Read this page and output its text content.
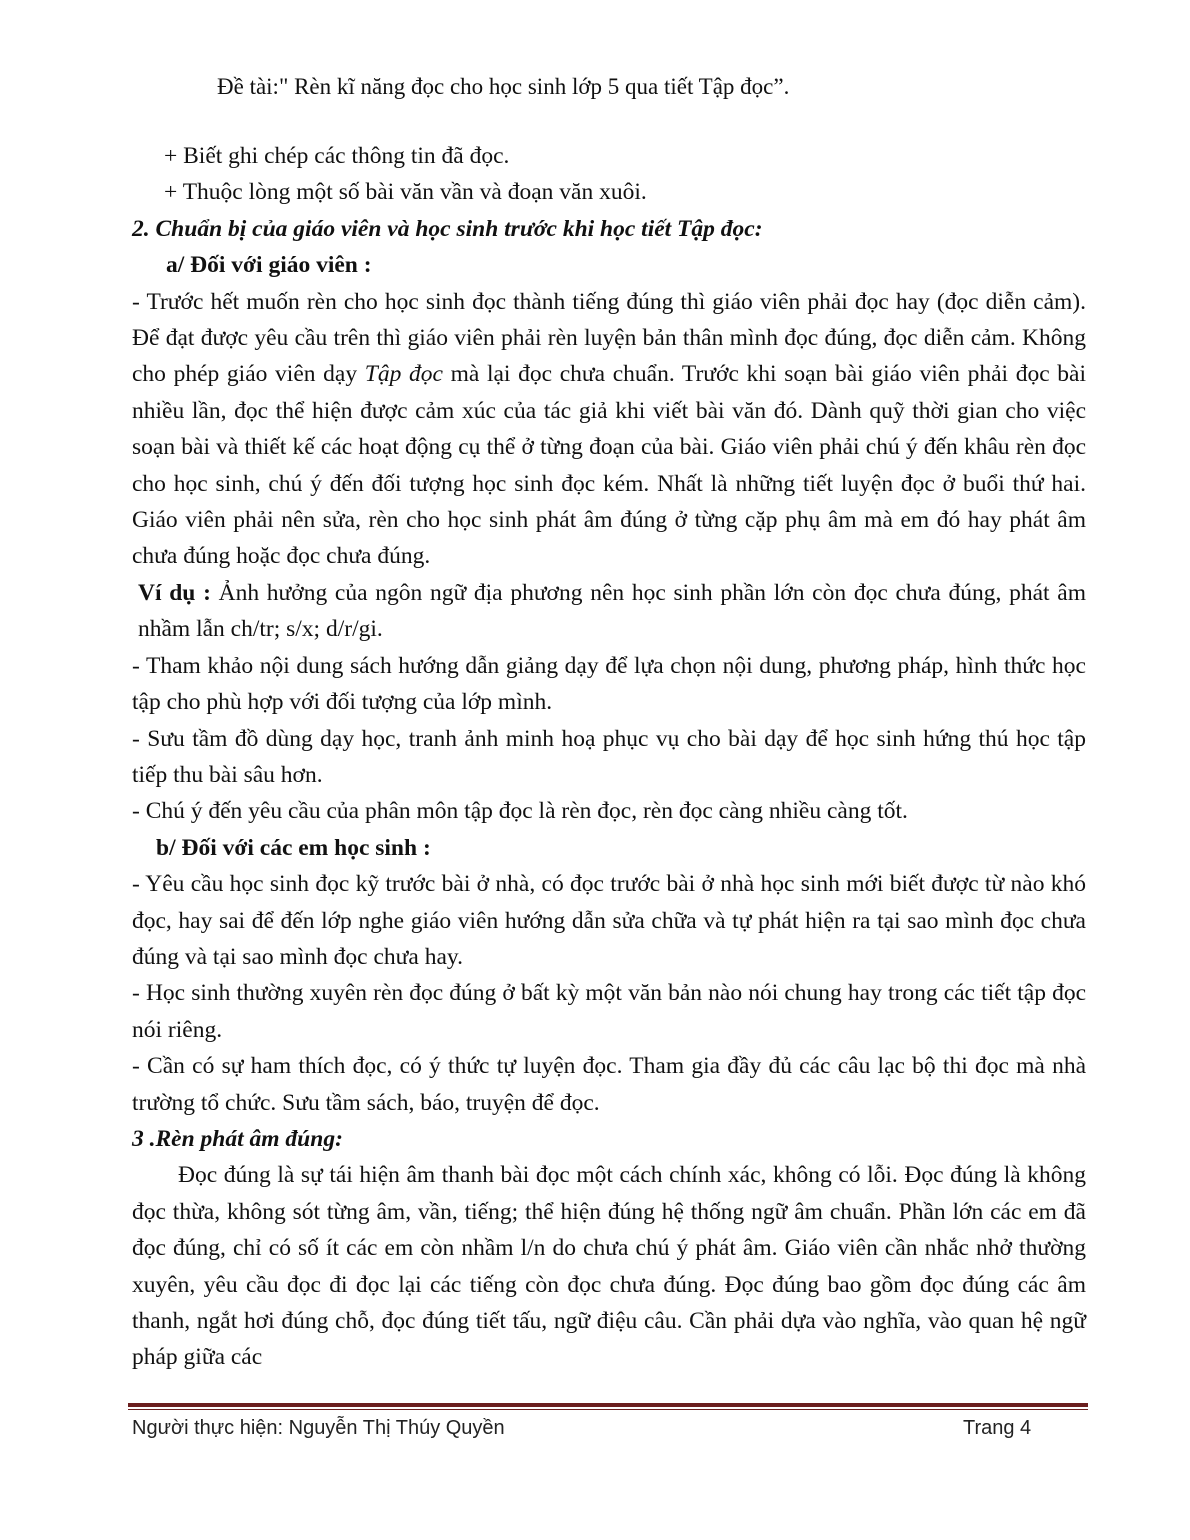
Đề tài:" Rèn kĩ năng đọc cho học sinh lớp 5 qua tiết Tập đọc”.

+ Biết ghi chép các thông tin đã đọc.

+ Thuộc lòng một số bài văn vần và đoạn văn xuôi.

2. Chuẩn bị của giáo viên và học sinh trước khi học tiết Tập đọc:

a/ Đối với giáo viên :

- Trước hết muốn rèn cho học sinh đọc thành tiếng đúng thì giáo viên phải đọc hay (đọc diễn cảm). Để đạt được yêu cầu trên thì giáo viên phải rèn luyện bản thân mình đọc đúng, đọc diễn cảm. Không cho phép giáo viên dạy Tập đọc mà lại đọc chưa chuẩn. Trước khi soạn bài giáo viên phải đọc bài nhiều lần, đọc thể hiện được cảm xúc của tác giả khi viết bài văn đó. Dành quỹ thời gian cho việc soạn bài và thiết kế các hoạt động cụ thể ở từng đoạn của bài. Giáo viên phải chú ý đến khâu rèn đọc cho học sinh, chú ý đến đối tượng học sinh đọc kém. Nhất là những tiết luyện đọc ở buổi thứ hai. Giáo viên phải nên sửa, rèn cho học sinh phát âm đúng ở từng cặp phụ âm mà em đó hay phát âm chưa đúng hoặc đọc chưa đúng.

Ví dụ : Ảnh hưởng của ngôn ngữ địa phương nên học sinh phần lớn còn đọc chưa đúng, phát âm nhầm lẫn ch/tr; s/x; d/r/gi.

- Tham khảo nội dung sách hướng dẫn giảng dạy để lựa chọn nội dung, phương pháp, hình thức học tập cho phù hợp với đối tượng của lớp mình.

- Sưu tầm đồ dùng dạy học, tranh ảnh minh hoạ phục vụ cho bài dạy để học sinh hứng thú học tập tiếp thu bài sâu hơn.

- Chú ý đến yêu cầu của phân môn tập đọc là rèn đọc, rèn đọc càng nhiều càng tốt.

b/ Đối với các em học sinh :

- Yêu cầu học sinh đọc kỹ trước bài ở nhà, có đọc trước bài ở nhà học sinh mới biết được từ nào khó đọc, hay sai để đến lớp nghe giáo viên hướng dẫn sửa chữa và tự phát hiện ra tại sao mình đọc chưa đúng và tại sao mình đọc chưa hay.

- Học sinh thường xuyên rèn đọc đúng ở bất kỳ một văn bản nào nói chung hay trong các tiết tập đọc nói riêng.

- Cần có sự ham thích đọc, có ý thức tự luyện đọc. Tham gia đầy đủ các câu lạc bộ thi đọc mà nhà trường tổ chức. Sưu tầm sách, báo, truyện để đọc.

3 .Rèn phát âm đúng:

Đọc đúng là sự tái hiện âm thanh bài đọc một cách chính xác, không có lỗi. Đọc đúng là không đọc thừa, không sót từng âm, vần, tiếng; thể hiện đúng hệ thống ngữ âm chuẩn. Phần lớn các em đã đọc đúng, chỉ có số ít các em còn nhầm l/n do chưa chú ý phát âm. Giáo viên cần nhắc nhở thường xuyên, yêu cầu đọc đi đọc lại các tiếng còn đọc chưa đúng. Đọc đúng bao gồm đọc đúng các âm thanh, ngắt hơi đúng chỗ, đọc đúng tiết tấu, ngữ điệu câu. Cần phải dựa vào nghĩa, vào quan hệ ngữ pháp giữa các

Người thực hiện: Nguyễn Thị Thúy Quyền	Trang 4
